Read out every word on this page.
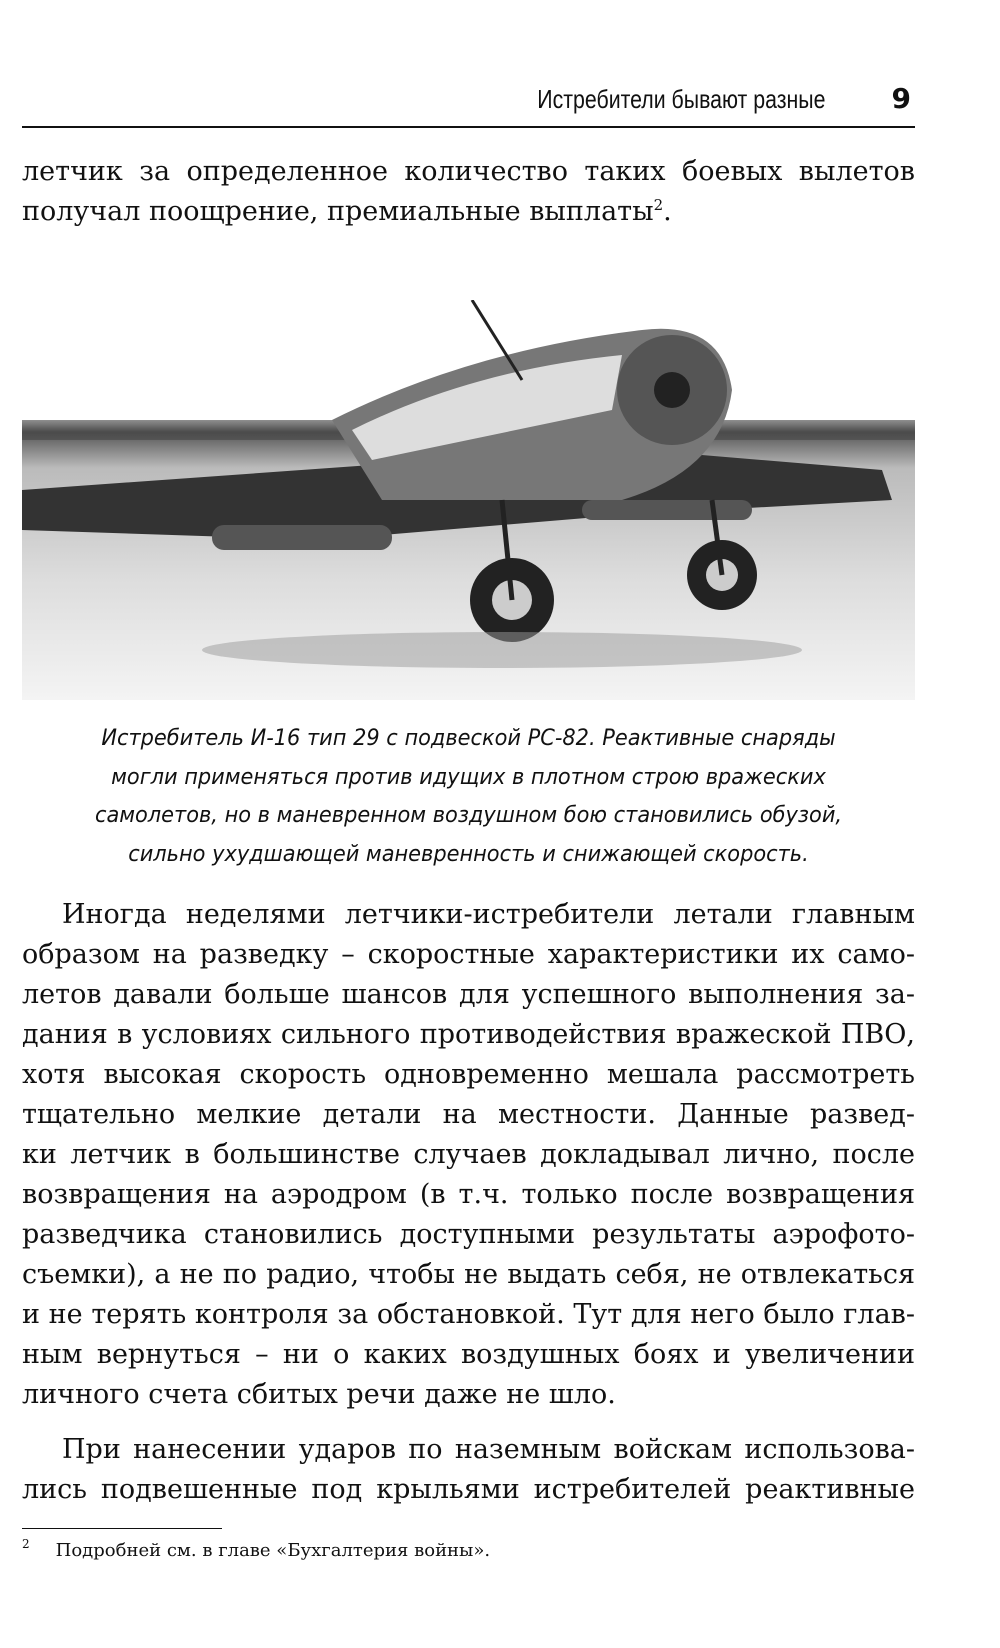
Истребители бывают разные 9
летчик за определенное количество таких боевых вылетов
получал поощрение, премиальные выплаты$^2$.
Истребитель И-16 тип 29 с подвеской РС-82. Реактивные снаряды
могли применяться против идущих в плотном строю вражеских
самолетов, но в маневренном воздушном бою становились обузой,
сильно ухудшающей маневренность и снижающей скорость.
Иногда неделями летчики-истребители летали главным
образом на разведку – скоростные характеристики их само-
летов давали больше шансов для успешного выполнения за-
дания в условиях сильного противодействия вражеской ПВО,
хотя высокая скорость одновременно мешала рассмотреть
тщательно мелкие детали на местности. Данные развед-
ки летчик в большинстве случаев докладывал лично, после
возвращения на аэродром (в т.ч. только после возвращения
разведчика становились доступными результаты аэрофото-
съемки), а не по радио, чтобы не выдать себя, не отвлекаться
и не терять контроля за обстановкой. Тут для него было глав-
ным вернуться – ни о каких воздушных боях и увеличении
личного счета сбитых речи даже не шло.
При нанесении ударов по наземным войскам использова-
лись подвешенные под крыльями истребителей реактивные
$^2$ Подробней см. в главе «Бухгалтерия войны».
